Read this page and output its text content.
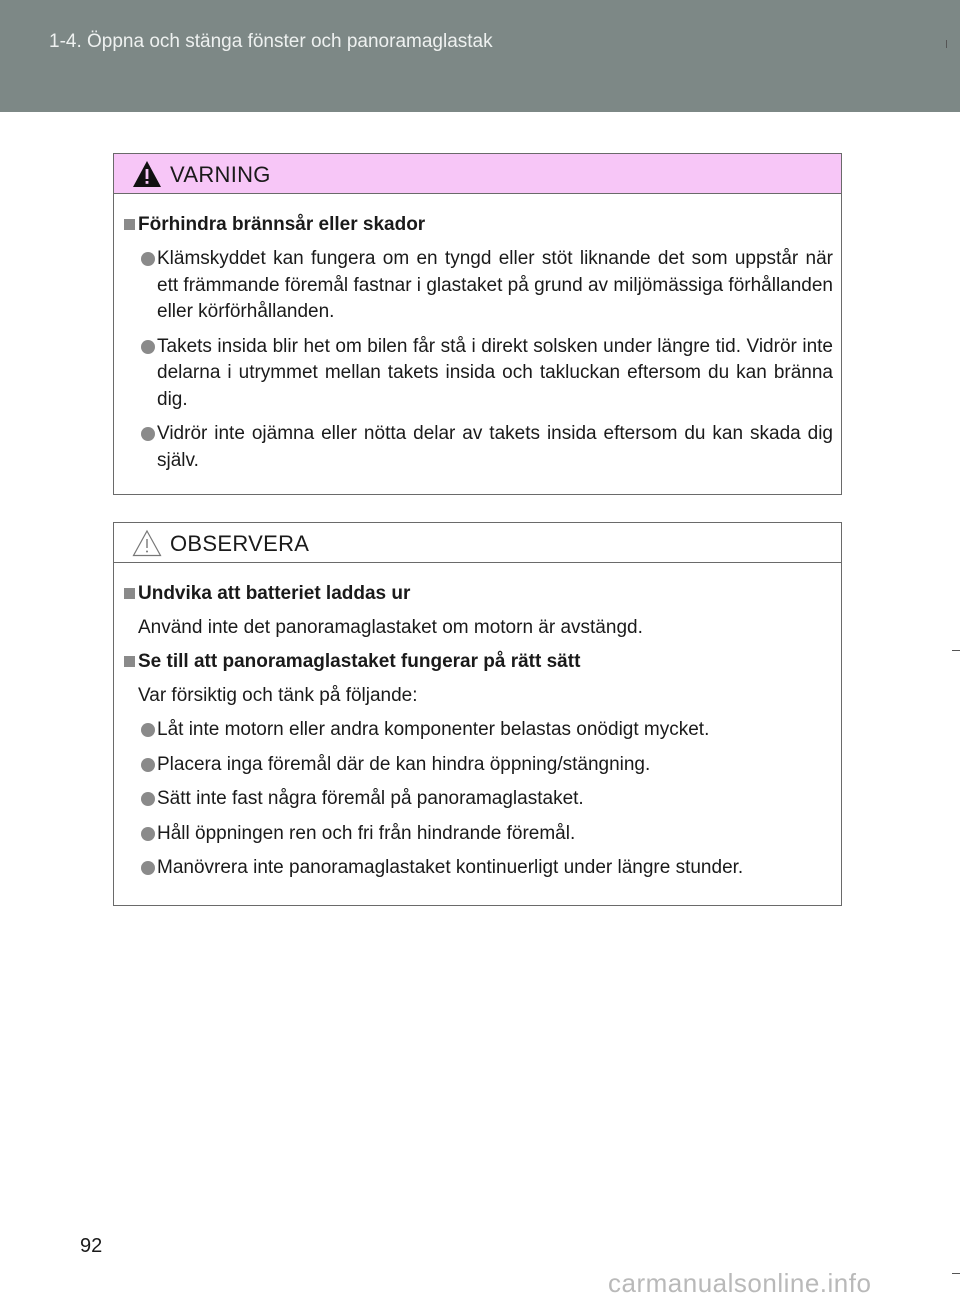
1-4. Öppna och stänga fönster och panoramaglastak
VARNING
Förhindra brännsår eller skador
Klämskyddet kan fungera om en tyngd eller stöt liknande det som uppstår när ett främmande föremål fastnar i glastaket på grund av miljömässiga förhållanden eller körförhållanden.
Takets insida blir het om bilen får stå i direkt solsken under längre tid. Vidrör inte delarna i utrymmet mellan takets insida och takluckan eftersom du kan bränna dig.
Vidrör inte ojämna eller nötta delar av takets insida eftersom du kan skada dig själv.
OBSERVERA
Undvika att batteriet laddas ur
Använd inte det panoramaglastaket om motorn är avstängd.
Se till att panoramaglastaket fungerar på rätt sätt
Var försiktig och tänk på följande:
Låt inte motorn eller andra komponenter belastas onödigt mycket.
Placera inga föremål där de kan hindra öppning/stängning.
Sätt inte fast några föremål på panoramaglastaket.
Håll öppningen ren och fri från hindrande föremål.
Manövrera inte panoramaglastaket kontinuerligt under längre stunder.
92
carmanualsonline.info
